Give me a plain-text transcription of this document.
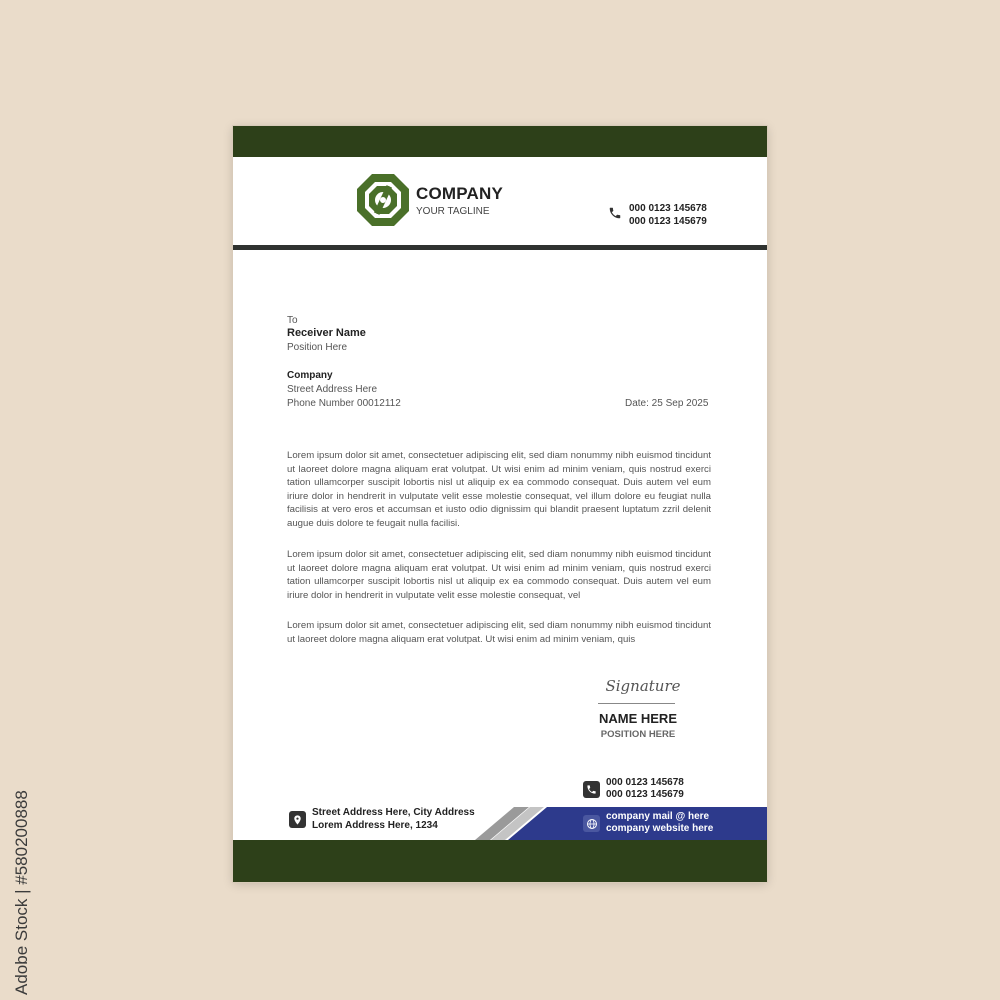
Adobe Stock | #580200888
COMPANY
YOUR TAGLINE	000 0123 145678
000 0123 145679
To
Receiver Name
Position Here
Company
Street Address Here
Phone Number 00012112	Date: 25 Sep 2025
Lorem ipsum dolor sit amet, consectetuer adipiscing elit, sed diam nonummy nibh euismod tincidunt ut laoreet dolore magna aliquam erat volutpat. Ut wisi enim ad minim veniam, quis nostrud exerci tation ullamcorper suscipit lobortis nisl ut aliquip ex ea commodo consequat. Duis autem vel eum iriure dolor in hendrerit in vulputate velit esse molestie consequat, vel illum dolore eu feugiat nulla facilisis at vero eros et accumsan et iusto odio dignissim qui blandit praesent luptatum zzril delenit augue duis dolore te feugait nulla facilisi.
Lorem ipsum dolor sit amet, consectetuer adipiscing elit, sed diam nonummy nibh euismod tincidunt ut laoreet dolore magna aliquam erat volutpat. Ut wisi enim ad minim veniam, quis nostrud exerci tation ullamcorper suscipit lobortis nisl ut aliquip ex ea commodo consequat. Duis autem vel eum iriure dolor in hendrerit in vulputate velit esse molestie consequat, vel
Lorem ipsum dolor sit amet, consectetuer adipiscing elit, sed diam nonummy nibh euismod tincidunt ut laoreet dolore magna aliquam erat volutpat. Ut wisi enim ad minim veniam, quis
Signature
NAME HERE
POSITION HERE
000 0123 145678
000 0123 145679
Street Address Here, City Address
Lorem Address Here, 1234
company mail @ here
company website here
